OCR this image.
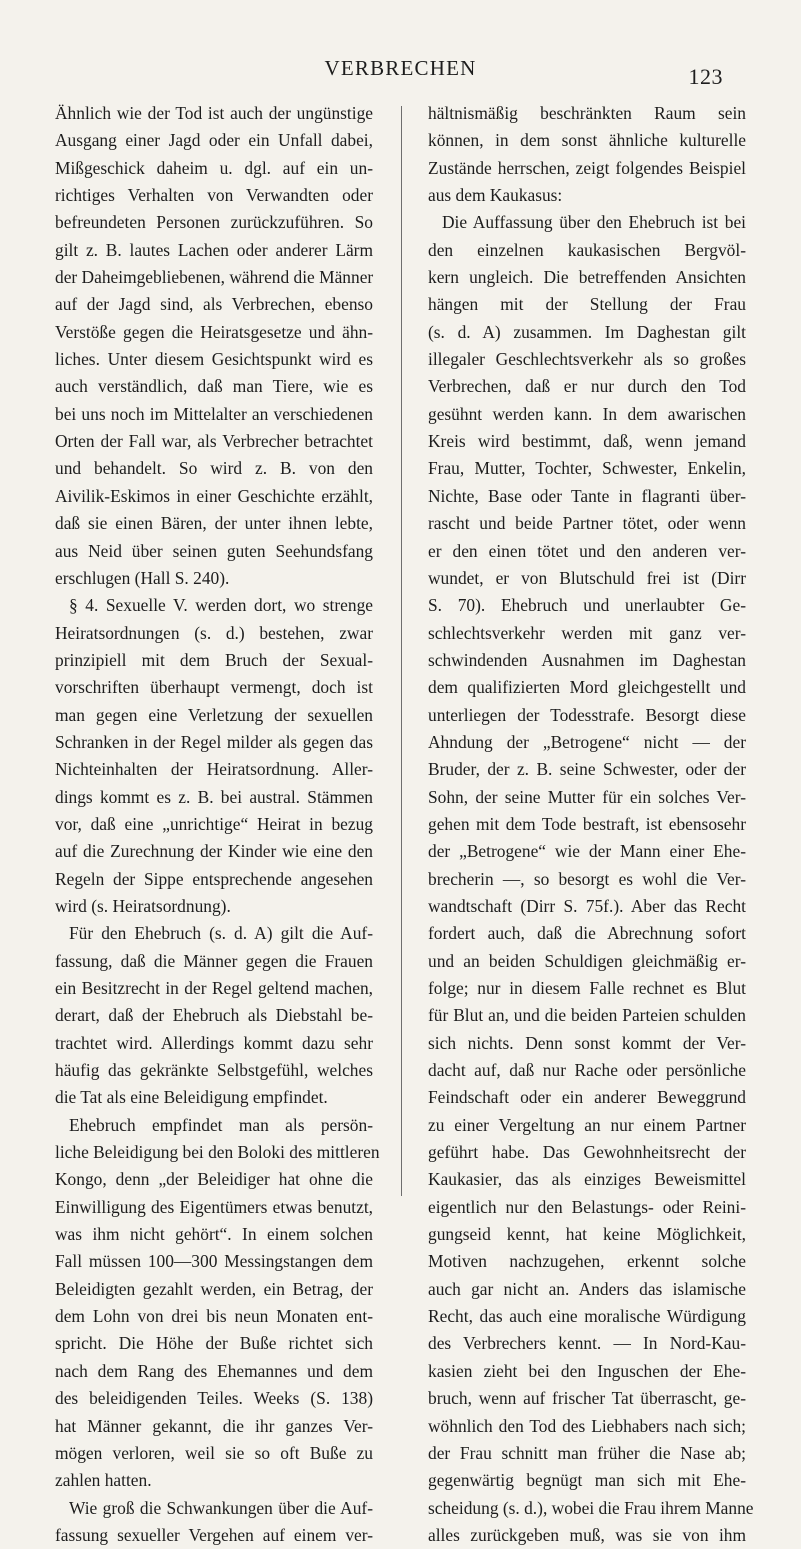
VERBRECHEN	123
Ähnlich wie der Tod ist auch der ungünstige
Ausgang einer Jagd oder ein Unfall dabei,
Mißgeschick daheim u. dgl. auf ein un-
richtiges Verhalten von Verwandten oder
befreundeten Personen zurückzuführen. So
gilt z. B. lautes Lachen oder anderer Lärm
der Daheimgebliebenen, während die Männer
auf der Jagd sind, als Verbrechen, ebenso
Verstöße gegen die Heiratsgesetze und ähn-
liches. Unter diesem Gesichtspunkt wird es
auch verständlich, daß man Tiere, wie es
bei uns noch im Mittelalter an verschiedenen
Orten der Fall war, als Verbrecher betrachtet
und behandelt. So wird z. B. von den
Aivilik-Eskimos in einer Geschichte erzählt,
daß sie einen Bären, der unter ihnen lebte,
aus Neid über seinen guten Seehundsfang
erschlugen (Hall S. 240).
§ 4. Sexuelle V. werden dort, wo strenge
Heiratsordnungen (s. d.) bestehen, zwar
prinzipiell mit dem Bruch der Sexual-
vorschriften überhaupt vermengt, doch ist
man gegen eine Verletzung der sexuellen
Schranken in der Regel milder als gegen das
Nichteinhalten der Heiratsordnung. Aller-
dings kommt es z. B. bei austral. Stämmen
vor, daß eine „unrichtige“ Heirat in bezug
auf die Zurechnung der Kinder wie eine den
Regeln der Sippe entsprechende angesehen
wird (s. Heiratsordnung).
Für den Ehebruch (s. d. A) gilt die Auf-
fassung, daß die Männer gegen die Frauen
ein Besitzrecht in der Regel geltend machen,
derart, daß der Ehebruch als Diebstahl be-
trachtet wird. Allerdings kommt dazu sehr
häufig das gekränkte Selbstgefühl, welches
die Tat als eine Beleidigung empfindet.
Ehebruch empfindet man als persön-
liche Beleidigung bei den Boloki des mittleren
Kongo, denn „der Beleidiger hat ohne die
Einwilligung des Eigentümers etwas benutzt,
was ihm nicht gehört“. In einem solchen
Fall müssen 100—300 Messingstangen dem
Beleidigten gezahlt werden, ein Betrag, der
dem Lohn von drei bis neun Monaten ent-
spricht. Die Höhe der Buße richtet sich
nach dem Rang des Ehemannes und dem
des beleidigenden Teiles. Weeks (S. 138)
hat Männer gekannt, die ihr ganzes Ver-
mögen verloren, weil sie so oft Buße zu
zahlen hatten.
Wie groß die Schwankungen über die Auf-
fassung sexueller Vergehen auf einem ver-
hältnismäßig beschränkten Raum sein
können, in dem sonst ähnliche kulturelle
Zustände herrschen, zeigt folgendes Beispiel
aus dem Kaukasus:
Die Auffassung über den Ehebruch ist bei
den einzelnen kaukasischen Bergvöl-
kern ungleich. Die betreffenden Ansichten
hängen mit der Stellung der Frau
(s. d. A) zusammen. Im Daghestan gilt
illegaler Geschlechtsverkehr als so großes
Verbrechen, daß er nur durch den Tod
gesühnt werden kann. In dem awarischen
Kreis wird bestimmt, daß, wenn jemand
Frau, Mutter, Tochter, Schwester, Enkelin,
Nichte, Base oder Tante in flagranti über-
rascht und beide Partner tötet, oder wenn
er den einen tötet und den anderen ver-
wundet, er von Blutschuld frei ist (Dirr
S. 70). Ehebruch und unerlaubter Ge-
schlechtsverkehr werden mit ganz ver-
schwindenden Ausnahmen im Daghestan
dem qualifizierten Mord gleichgestellt und
unterliegen der Todesstrafe. Besorgt diese
Ahndung der „Betrogene“ nicht — der
Bruder, der z. B. seine Schwester, oder der
Sohn, der seine Mutter für ein solches Ver-
gehen mit dem Tode bestraft, ist ebensosehr
der „Betrogene“ wie der Mann einer Ehe-
brecherin —, so besorgt es wohl die Ver-
wandtschaft (Dirr S. 75f.). Aber das Recht
fordert auch, daß die Abrechnung sofort
und an beiden Schuldigen gleichmäßig er-
folge; nur in diesem Falle rechnet es Blut
für Blut an, und die beiden Parteien schulden
sich nichts. Denn sonst kommt der Ver-
dacht auf, daß nur Rache oder persönliche
Feindschaft oder ein anderer Beweggrund
zu einer Vergeltung an nur einem Partner
geführt habe. Das Gewohnheitsrecht der
Kaukasier, das als einziges Beweismittel
eigentlich nur den Belastungs- oder Reini-
gungseid kennt, hat keine Möglichkeit,
Motiven nachzugehen, erkennt solche
auch gar nicht an. Anders das islamische
Recht, das auch eine moralische Würdigung
des Verbrechers kennt. — In Nord-Kau-
kasien zieht bei den Inguschen der Ehe-
bruch, wenn auf frischer Tat überrascht, ge-
wöhnlich den Tod des Liebhabers nach sich;
der Frau schnitt man früher die Nase ab;
gegenwärtig begnügt man sich mit Ehe-
scheidung (s. d.), wobei die Frau ihrem Manne
alles zurückgeben muß, was sie von ihm
